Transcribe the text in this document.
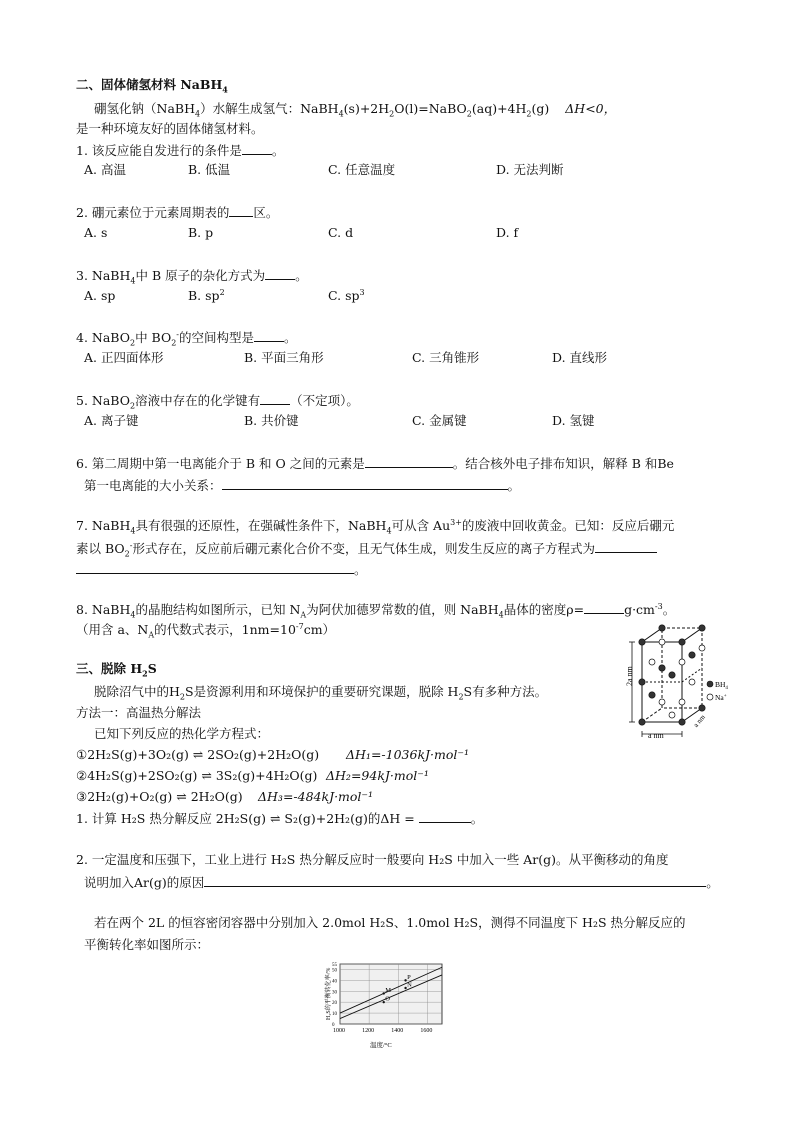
二、固体储氢材料 NaBH$_4$
硼氢化钠（NaBH$_4$）水解生成氢气：$NaBH_4(s)+2H_2O(l)=NaBO_2(aq)+4H_2(g)$ ΔH<0，
是一种环境友好的固体储氢材料。
1. 该反应能自发进行的条件是 。
A. 高温	B. 低温	C. 任意温度	D. 无法判断
2. 硼元素位于元素周期表的 区。
A. s	B. p	C. d	D. f
3. NaBH$_4$中 B 原子的杂化方式为 。
A. sp	B. $sp^2$	C. $sp^3$
4. NaBO$_2$中 $BO_2^-$的空间构型是 。
A. 正四面体形	B. 平面三角形	C. 三角锥形	D. 直线形
5. NaBO$_2$溶液中存在的化学键有 （不定项）。
A. 离子键	B. 共价键	C. 金属键	D. 氢键
6. 第二周期中第一电离能介于 B 和 O 之间的元素是	。结合核外电子排布知识，解释 B 和Be
第一电离能的大小关系：	。
7. NaBH$_4$具有很强的还原性，在强碱性条件下，NaBH$_4$可从含 $Au^{3+}$的废液中回收黄金。已知：反应后硼元
素以 $BO_2^-$形式存在，反应前后硼元素化合价不变，且无气体生成，则发生反应的离子方程式为
。
8. NaBH$_4$的晶胞结构如图所示，已知 $N_A$为阿伏加德罗常数的值，则 NaBH$_4$晶体的密度ρ=	$g\cdot cm^{-3}$。
（用含 a、$N_A$的代数式表示，$1nm=10^{-7}cm$）
2a nm
a nm
a nm
$BH_4$
Na+
三、脱除 $H_2S$
脱除沼气中的$H_2S$是资源利用和环境保护的重要研究课题，脱除 $H_2S$有多种方法。
方法一：高温热分解法
已知下列反应的热化学方程式：
①2H₂S(g)+3O₂(g) ⇌ 2SO₂(g)+2H₂O(g) ΔH₁=-1036kJ·mol⁻¹
②4H₂S(g)+2SO₂(g) ⇌ 3S₂(g)+4H₂O(g) ΔH₂=94kJ·mol⁻¹
③2H₂(g)+O₂(g) ⇌ 2H₂O(g) ΔH₃=-484kJ·mol⁻¹
1. 计算 H₂S 热分解反应 2H₂S(g) ⇌ S₂(g)+2H₂(g)的ΔH =	。
2. 一定温度和压强下，工业上进行 H₂S 热分解反应时一般要向 H₂S 中加入一些 Ar(g)。从平衡移动的角度
说明加入Ar(g)的原因	。
若在两个 2L 的恒容密闭容器中分别加入 2.0mol H₂S、1.0mol H₂S，测得不同温度下 H₂S 热分解反应的
平衡转化率如图所示：
M
P
N
O
1000	1200	1400	1600
0
10
20
30
40
50
55
温度/°C
H₂S的平衡转化率/%
